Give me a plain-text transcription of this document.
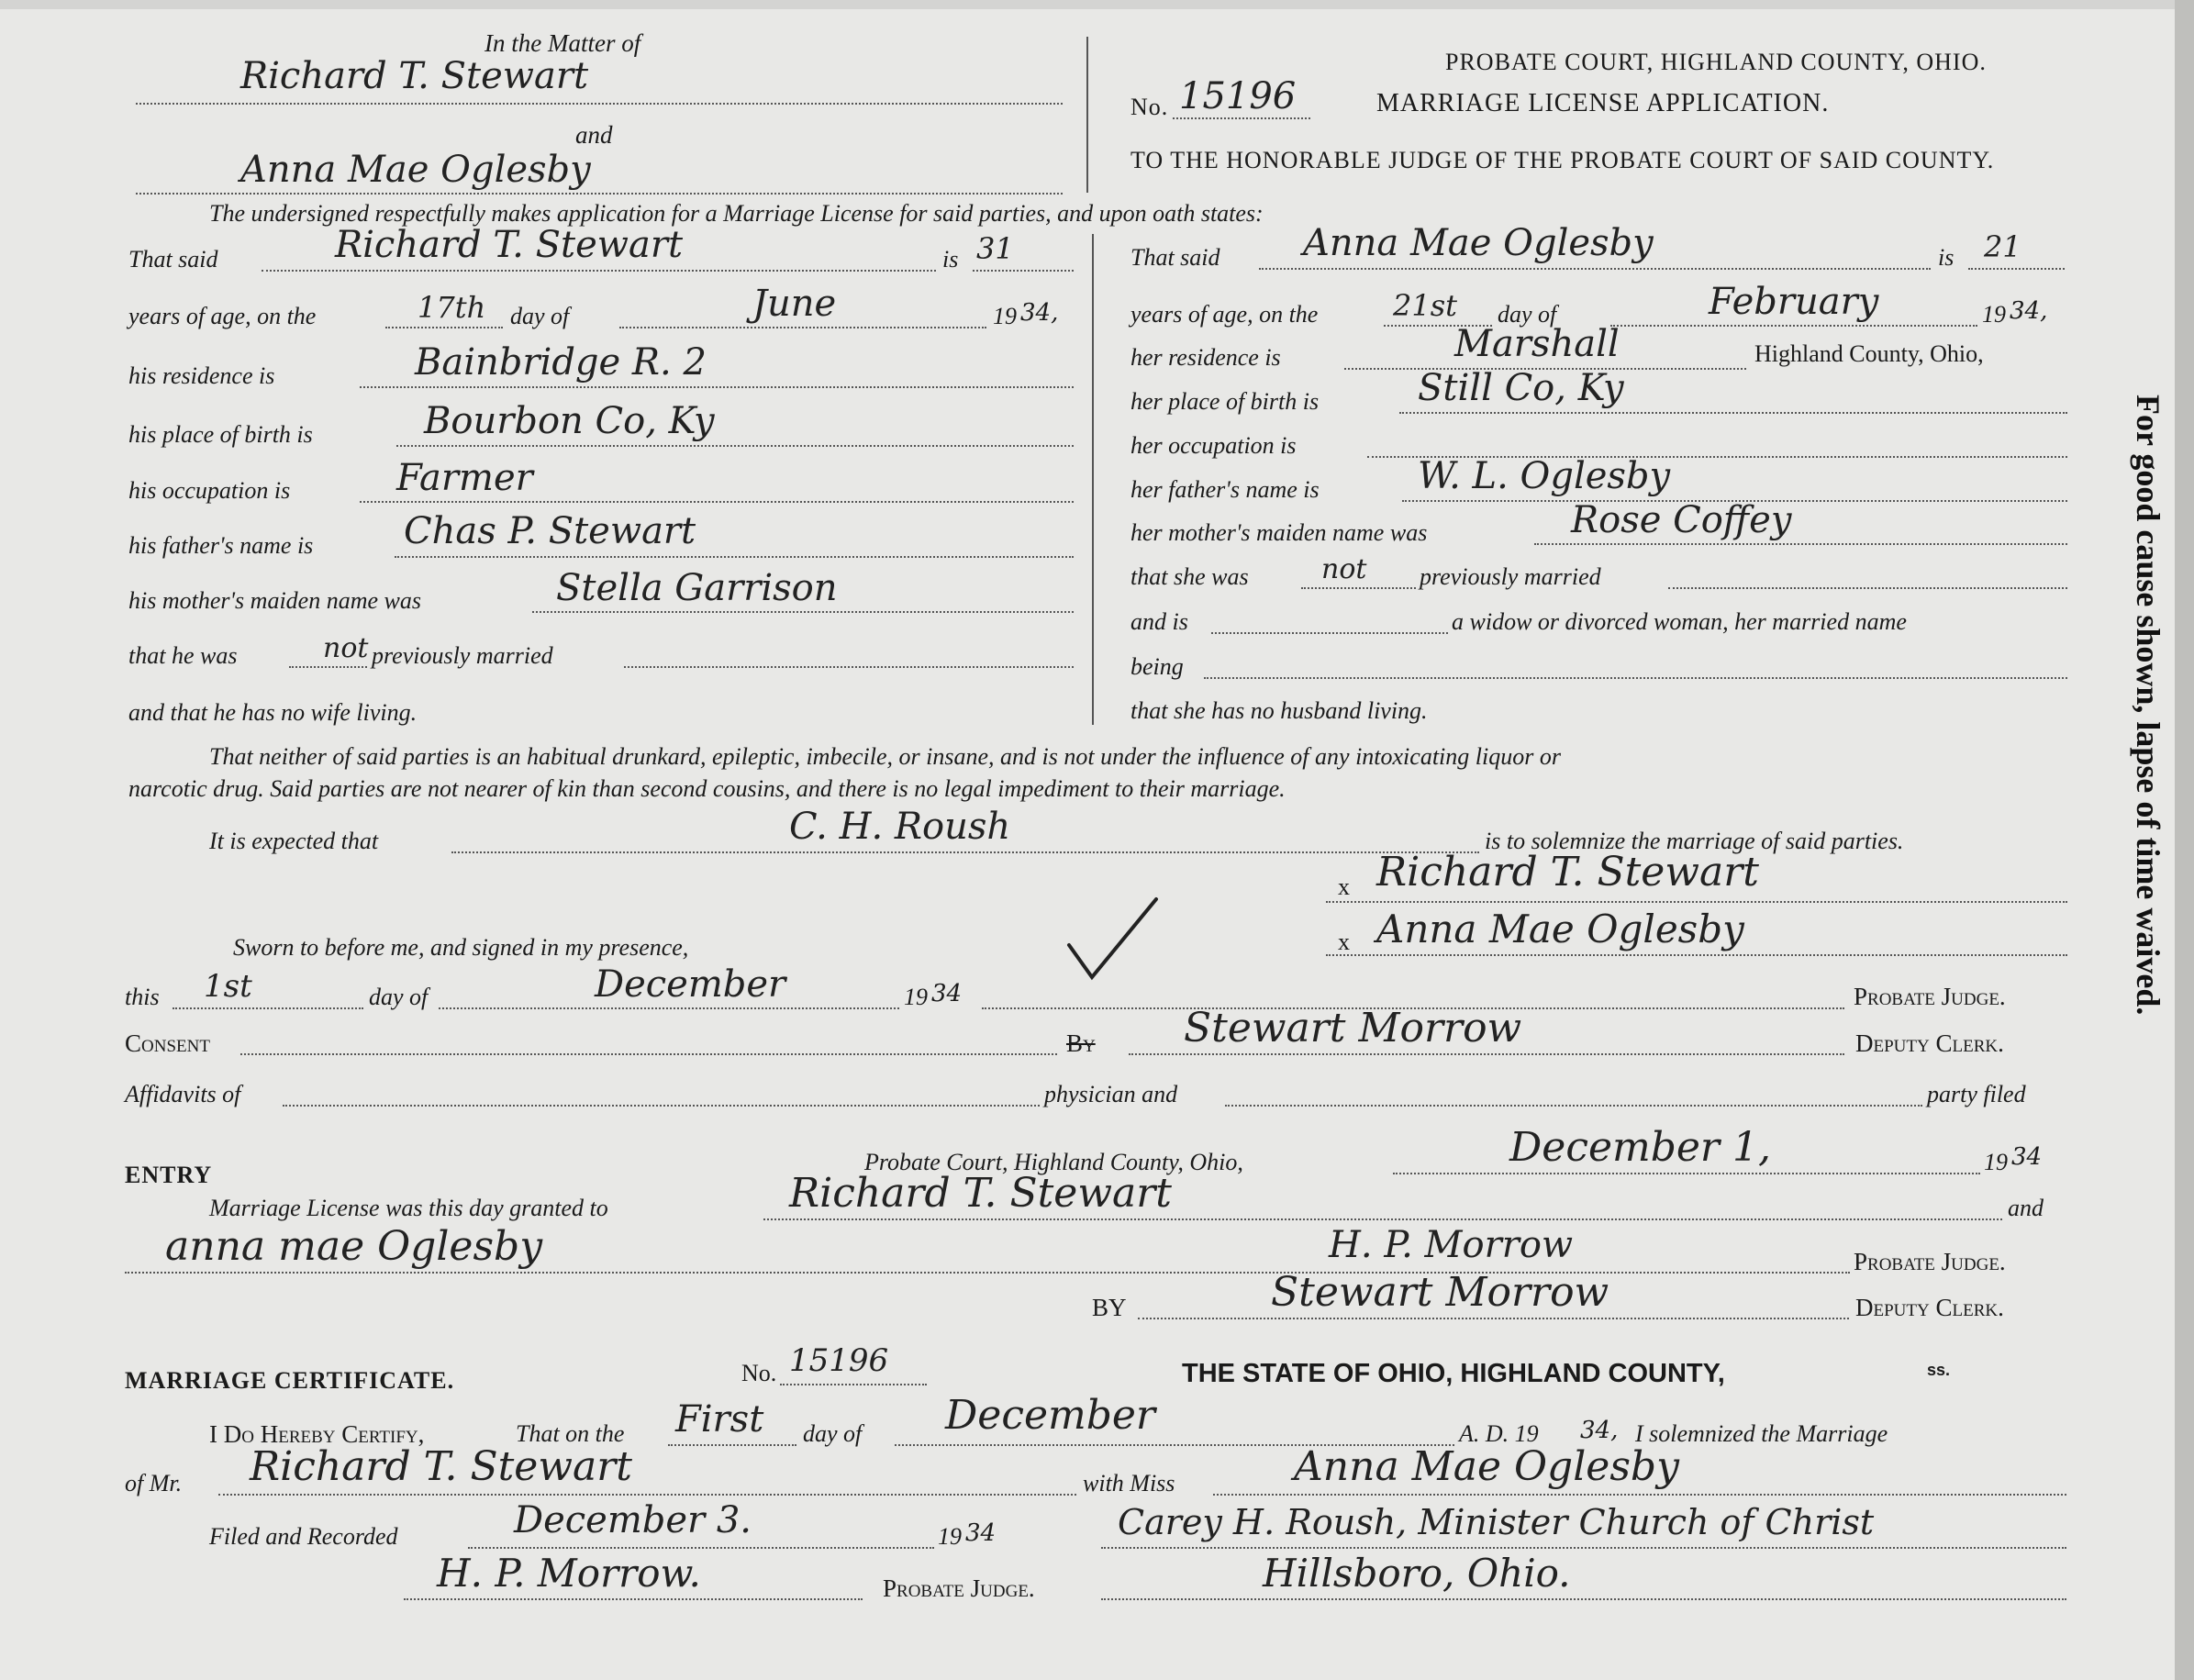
In the Matter of
Richard T. Stewart
and
Anna Mae Oglesby
PROBATE COURT, HIGHLAND COUNTY, OHIO.
No. 15196	MARRIAGE LICENSE APPLICATION.
TO THE HONORABLE JUDGE OF THE PROBATE COURT OF SAID COUNTY.
The undersigned respectfully makes application for a Marriage License for said parties, and upon oath states:
That said	Richard T. Stewart	is 31
years of age, on the	17th day of	June	19 34,
his residence is	Bainbridge R. 2
his place of birth is	Bourbon Co, Ky
his occupation is	Farmer
his father's name is Chas P. Stewart
his mother's maiden name was	Stella Garrison
that he was	not previously married
and that he has no wife living.
That said Anna Mae Oglesby	is 21
years of age, on the	21st day of	February	19 34,
her residence is	Marshall	Highland County, Ohio,
her place of birth is	Still Co, Ky
her occupation is
her father's name is	W. L. Oglesby
her mother's maiden name was	Rose Coffey
that she was	not previously married
and is	a widow or divorced woman, her married name
being
that she has no husband living.
That neither of said parties is an habitual drunkard, epileptic, imbecile, or insane, and is not under the influence of any intoxicating liquor or
narcotic drug. Said parties are not nearer of kin than second cousins, and there is no legal impediment to their marriage.
It is expected that	C. H. Roush	is to solemnize the marriage of said parties.
x Richard T. Stewart
x Anna Mae Oglesby
Sworn to before me, and signed in my presence,
this 1st	day of	December	19 34	Probate Judge.
Consent	By Stewart Morrow	Deputy Clerk.
Affidavits of	physician and	party filed
ENTRY	Probate Court, Highland County, Ohio,	December 1,	19 34
Marriage License was this day granted to	Richard T. Stewart	and
anna mae Oglesby	H. P. Morrow	Probate Judge.
BY	Stewart Morrow	Deputy Clerk.
MARRIAGE CERTIFICATE.	No. 15196	THE STATE OF OHIO, HIGHLAND COUNTY,	ss.
I Do Hereby Certify,	That on the First day of December	A. D. 19 34, I solemnized the Marriage
of Mr. Richard T. Stewart	with Miss	Anna Mae Oglesby
Filed and Recorded	December 3.	19 34	Carey H. Roush, Minister Church of Christ
H. P. Morrow.	Probate Judge.	Hillsboro, Ohio.
For good cause shown, lapse of time waived.
